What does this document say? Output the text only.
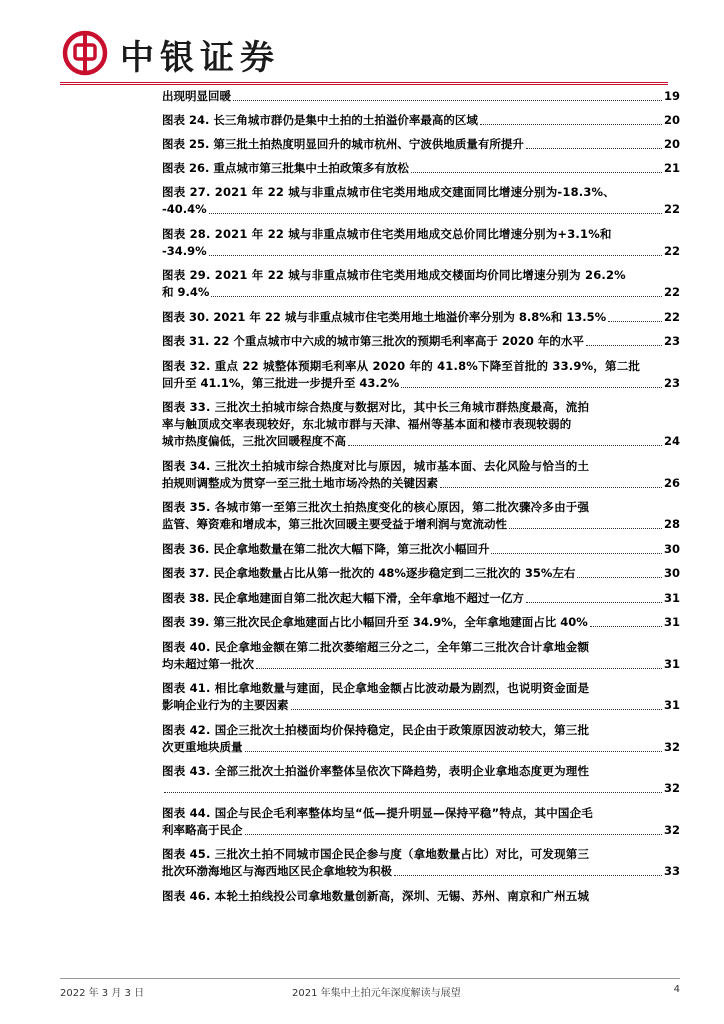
中银证券
出现明显回暖	19
图表 24. 长三角城市群仍是集中土拍的土拍溢价率最高的区域	20
图表 25. 第三批土拍热度明显回升的城市杭州、宁波供地质量有所提升	20
图表 26. 重点城市第三批集中土拍政策多有放松	21
图表 27. 2021 年 22 城与非重点城市住宅类用地成交建面同比增速分别为-18.3%、
-40.4%	22
图表 28. 2021 年 22 城与非重点城市住宅类用地成交总价同比增速分别为+3.1%和
-34.9%	22
图表 29. 2021 年 22 城与非重点城市住宅类用地成交楼面均价同比增速分别为 26.2%
和 9.4%	22
图表 30. 2021 年 22 城与非重点城市住宅类用地土地溢价率分别为 8.8%和 13.5%	22
图表 31. 22 个重点城市中六成的城市第三批次的预期毛利率高于 2020 年的水平	23
图表 32. 重点 22 城整体预期毛利率从 2020 年的 41.8%下降至首批的 33.9%，第二批
回升至 41.1%，第三批进一步提升至 43.2%	23
图表 33. 三批次土拍城市综合热度与数据对比，其中长三角城市群热度最高，流拍
率与触顶成交率表现较好，东北城市群与天津、福州等基本面和楼市表现较弱的
城市热度偏低，三批次回暖程度不高	24
图表 34. 三批次土拍城市综合热度对比与原因，城市基本面、去化风险与恰当的土
拍规则调整成为贯穿一至三批土地市场冷热的关键因素	26
图表 35. 各城市第一至第三批次土拍热度变化的核心原因，第二批次骤冷多由于强
监管、筹资难和增成本，第三批次回暖主要受益于增利润与宽流动性	28
图表 36. 民企拿地数量在第二批次大幅下降，第三批次小幅回升	30
图表 37. 民企拿地数量占比从第一批次的 48%逐步稳定到二三批次的 35%左右	30
图表 38. 民企拿地建面自第二批次起大幅下滑，全年拿地不超过一亿方	31
图表 39. 第三批次民企拿地建面占比小幅回升至 34.9%，全年拿地建面占比 40%	31
图表 40. 民企拿地金额在第二批次萎缩超三分之二，全年第二三批次合计拿地金额
均未超过第一批次	31
图表 41. 相比拿地数量与建面，民企拿地金额占比波动最为剧烈，也说明资金面是
影响企业行为的主要因素	31
图表 42. 国企三批次土拍楼面均价保持稳定，民企由于政策原因波动较大，第三批
次更重地块质量	32
图表 43. 全部三批次土拍溢价率整体呈依次下降趋势，表明企业拿地态度更为理性
32
图表 44. 国企与民企毛利率整体均呈“低—提升明显—保持平稳”特点，其中国企毛
利率略高于民企	32
图表 45. 三批次土拍不同城市国企民企参与度（拿地数量占比）对比，可发现第三
批次环渤海地区与海西地区民企拿地较为积极	33
图表 46. 本轮土拍线投公司拿地数量创新高，深圳、无锡、苏州、南京和广州五城
2022 年 3 月 3 日	2021 年集中土拍元年深度解读与展望	4
